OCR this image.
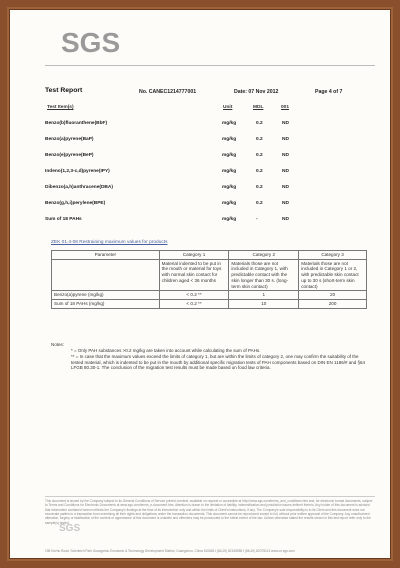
SGS
Test Report	No. CANEC1214777001	Date: 07 Nov 2012	Page 4 of 7
Test Item(s)	Unit	MDL	001
Benzo(b)fluoranthene(BbF)	mg/kg	0.2	ND
Benzo(a)pyrene(BaP)	mg/kg	0.2	ND
Benzo(e)pyrene(BeP)	mg/kg	0.2	ND
Indeno(1,2,3-c,d)pyrene(IPY)	mg/kg	0.2	ND
Dibenzo(a,h)anthracene(DBA)	mg/kg	0.2	ND
Benzo(g,h,i)perylene(BPE)	mg/kg	0.2	ND
Sum of 18 PAHs	mg/kg	-	ND
ZEK 01.4-08 Restraining maximum values for products
Parameter	Category 1	Category 2	Category 3
	Material indented to be put in the mouth or material for toys with normal skin contact for children aged < 36 months	Materials those are not included in Category 1, with predictable contact with the skin longer than 30 s. (long-term skin contact)	Materials those are not included in Category 1 or 2, with predictable skin contact up to 30 s (short-term skin contact)
Benzo(a)pyrene (mg/kg)	< 0.2 **	1	20
Sum of 18 PAHs (mg/kg)	< 0.2 **	10	200
Notes:
* = Only PAH substances >0.2 mg/kg are taken into account while calculating the sum of PAHs.
** = In case that the maximum values exceed the limits of category 1, but are within the limits of category 2, one may confirm the suitability of the tested material, which is indented to be put in the mouth by additional specific migration tests of PAH components based on DIN EN 1186/# and §64 LFGB 80.30-1. The conclusion of the migration test results must be made based on food law criteria.
This document is issued by the Company subject to its General Conditions of Service printed overleaf, available on request or accessible at http://www.sgs.com/terms_and_conditions.htm and, for electronic format documents, subject to Terms and Conditions for Electronic Documents at www.sgs.com/terms_e-document.htm. Attention is drawn to the limitation of liability, indemnification and jurisdiction issues defined therein. Any holder of this document is advised that information contained hereon reflects the Company's findings at the time of its intervention only and within the limits of Client's instructions, if any. The Company's sole responsibility is to its Client and this document does not exonerate parties to a transaction from exercising all their rights and obligations under the transaction documents. This document cannot be reproduced except in full, without prior written approval of the Company. Any unauthorized alteration, forgery or falsification of the content or appearance of this document is unlawful and offenders may be prosecuted to the fullest extent of the law. Unless otherwise stated the results shown in this test report refer only to the sample(s) tested.
SGS
198 Kezhu Road, Scientech Park Guangzhou Economic & Technology Development District, Guangzhou, China 510663 t (86-20) 82155555 f (86-20) 82075113 www.cn.sgs.com
